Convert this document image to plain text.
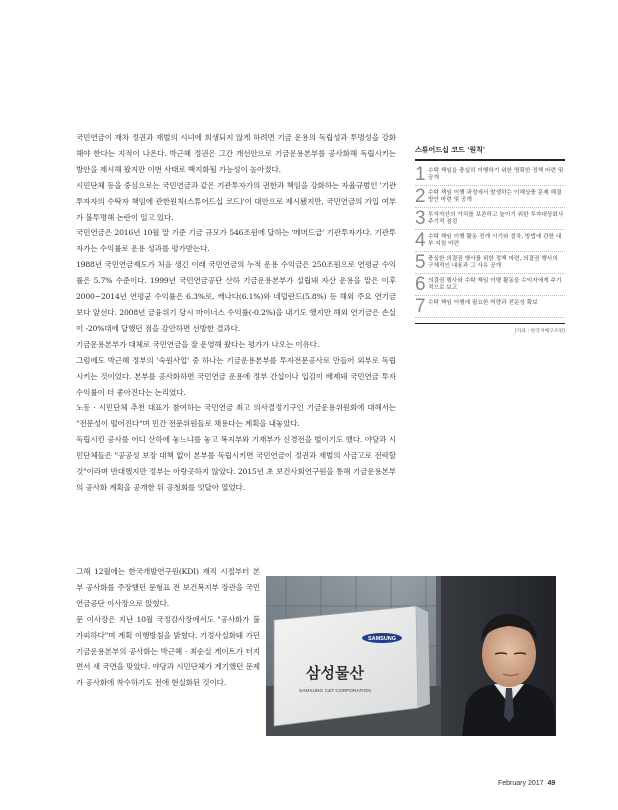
국민연금이 재차 정권과 재벌의 시녀에 희생되지 않게 하려면 기금 운용의 독립성과 투명성을 강화해야 한다는 지적이 나온다. 박근혜 정권은 그간 개선안으로 기금운용본부를 공사화해 독립시키는 방안을 제시해 왔지만 이번 사태로 백지화될 가능성이 높아졌다.

시민단체 등을 중심으로는 국민연금과 같은 기관투자가의 권한과 책임을 강화하는 자율규범인 '기관투자자의 수탁자 책임에 관한원칙(스튜어드십 코드)'이 대안으로 제시됐지만, 국민연금의 가입 여부가 불투명해 논란이 일고 있다.

국민연금은 2016년 10월 말 기준 기금 규모가 546조원에 달하는 '메머드급' 기관투자가다. 기관투자가는 수익률로 운용 성과를 평가받는다.

1988년 국민연금제도가 처음 생긴 이래 국민연금의 누적 운용 수익금은 250조원으로 연평균 수익률은 5.7% 수준이다. 1999년 국민연금공단 산하 기금운용본부가 설립돼 자산 운용을 맡은 이후 2000~2014년 연평균 수익률은 6.3%로, 캐나다(6.1%)와 네덜란드(5.8%) 등 해외 주요 연기금보다 앞선다. 2008년 금융위기 당시 마이너스 수익률(-0.2%)을 내기도 했지만 해외 연기금은 손실이 -20%대에 달했던 점을 감안하면 선방한 결과다.

기금운용본부가 대체로 국민연금을 잘 운영해 왔다는 평가가 나오는 이유다.

그럼에도 박근혜 정부의 '숙원사업' 중 하나는 기금운용본부를 투자전문공사로 만들어 외부로 독립시키는 것이었다. 본부를 공사화하면 국민연금 운용에 정부 간섭이나 입김이 배제돼 국민연금 투자 수익률이 더 좋아진다는 논리였다.

노동 · 시민단체 추천 대표가 참여하는 국민연금 최고 의사결정기구인 기금운용위원회에 대해서는 "전문성이 떨어진다"며 민간 전문위원들로 채용다는 계획을 내놓았다.

독립시킨 공사를 어디 산하에 놓느냐를 놓고 복지부와 기재부가 신경전을 벌이기도 했다. 야당과 시민단체들은 "공공성 보장 대책 없이 본부를 독립시키면 국민연금이 정권과 재벌의 사금고로 전락할 것"이라며 반대했지만 정부는 아랑곳하지 않았다. 2015년 초 보건사회연구원을 통해 기금운용본부의 공사화 계획을 공개한 뒤 공청회를 잇달아 열었다.

그해 12월에는 한국개발연구원(KDI) 재직 시절부터 본부 공사화를 주장했던 문형표 전 보건복지부 장관을 국민연금공단 이사장으로 앉혔다.

문 이사장은 지난 10월 국정감사장에서도 "공사화가 불가피하다"며 계획 이행방침을 밝혔다. 기정사실화돼 가던 기금운용본부의 공사화는 박근혜 · 최순실 게이트가 터지면서 새 국면을 맞았다. 야당과 시민단체가 계기했던 문제가 공사화에 착수하기도 전에 현실화된 것이다.

스튜어드십 코드 '원칙'
1 수탁 책임을 충실히 이행하기 위한 명확한 정책 마련 및 공개
2 수탁 책임 이행 과정에서 발생하는 이해상충 문제 해결 방안 마련 및 공개
3 투자자산의 가치를 보존하고 높이기 위한 투자대상회사 주기적 점검
4 수탁 책임 이행 활동 전개 시기와 절차, 방법에 관한 내부 지침 마련
5 충실한 의결권 행사를 위한 정책 마련, 의결권 행사의 구체적인 내용과 그 사유 공개
6 의결권 행사와 수탁 책임 이행 활동을 수익자에게 주기적으로 보고
7 수탁 책임 이행에 필요한 역량과 전문성 확보
(자료 : 한국지배구조원)
SAMSUNG
삼성물산
SAMSUNG C&T CORPORATION
February 2017 49
